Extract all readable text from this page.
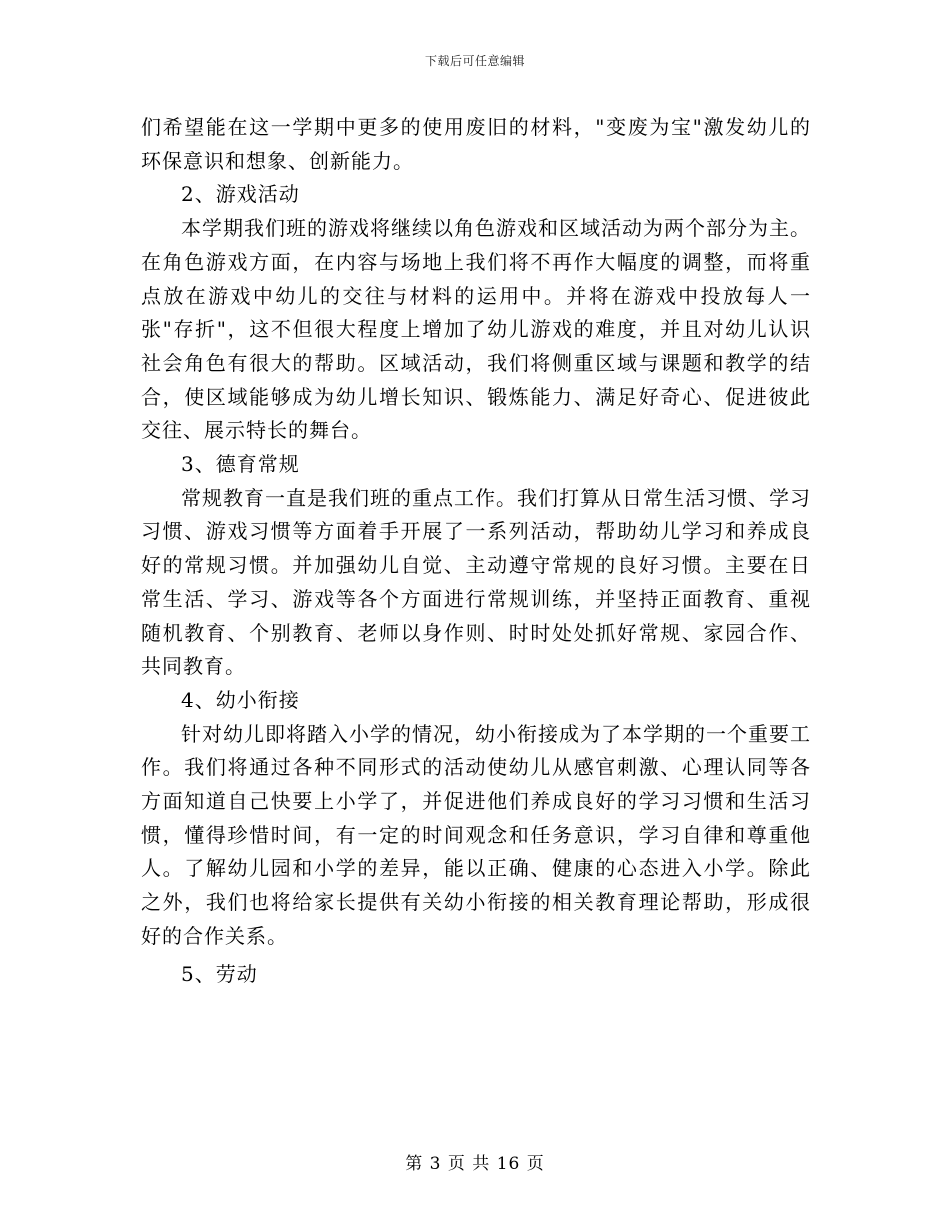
下载后可任意编辑

们希望能在这一学期中更多的使用废旧的材料，"变废为宝"激发幼儿的环保意识和想象、创新能力。

2、游戏活动

本学期我们班的游戏将继续以角色游戏和区域活动为两个部分为主。在角色游戏方面，在内容与场地上我们将不再作大幅度的调整，而将重点放在游戏中幼儿的交往与材料的运用中。并将在游戏中投放每人一张"存折"，这不但很大程度上增加了幼儿游戏的难度，并且对幼儿认识社会角色有很大的帮助。区域活动，我们将侧重区域与课题和教学的结合，使区域能够成为幼儿增长知识、锻炼能力、满足好奇心、促进彼此交往、展示特长的舞台。

3、德育常规

常规教育一直是我们班的重点工作。我们打算从日常生活习惯、学习习惯、游戏习惯等方面着手开展了一系列活动，帮助幼儿学习和养成良好的常规习惯。并加强幼儿自觉、主动遵守常规的良好习惯。主要在日常生活、学习、游戏等各个方面进行常规训练，并坚持正面教育、重视随机教育、个别教育、老师以身作则、时时处处抓好常规、家园合作、共同教育。

4、幼小衔接

针对幼儿即将踏入小学的情况，幼小衔接成为了本学期的一个重要工作。我们将通过各种不同形式的活动使幼儿从感官刺激、心理认同等各方面知道自己快要上小学了，并促进他们养成良好的学习习惯和生活习惯，懂得珍惜时间，有一定的时间观念和任务意识，学习自律和尊重他人。了解幼儿园和小学的差异，能以正确、健康的心态进入小学。除此之外，我们也将给家长提供有关幼小衔接的相关教育理论帮助，形成很好的合作关系。

5、劳动

第 3 页 共 16 页
